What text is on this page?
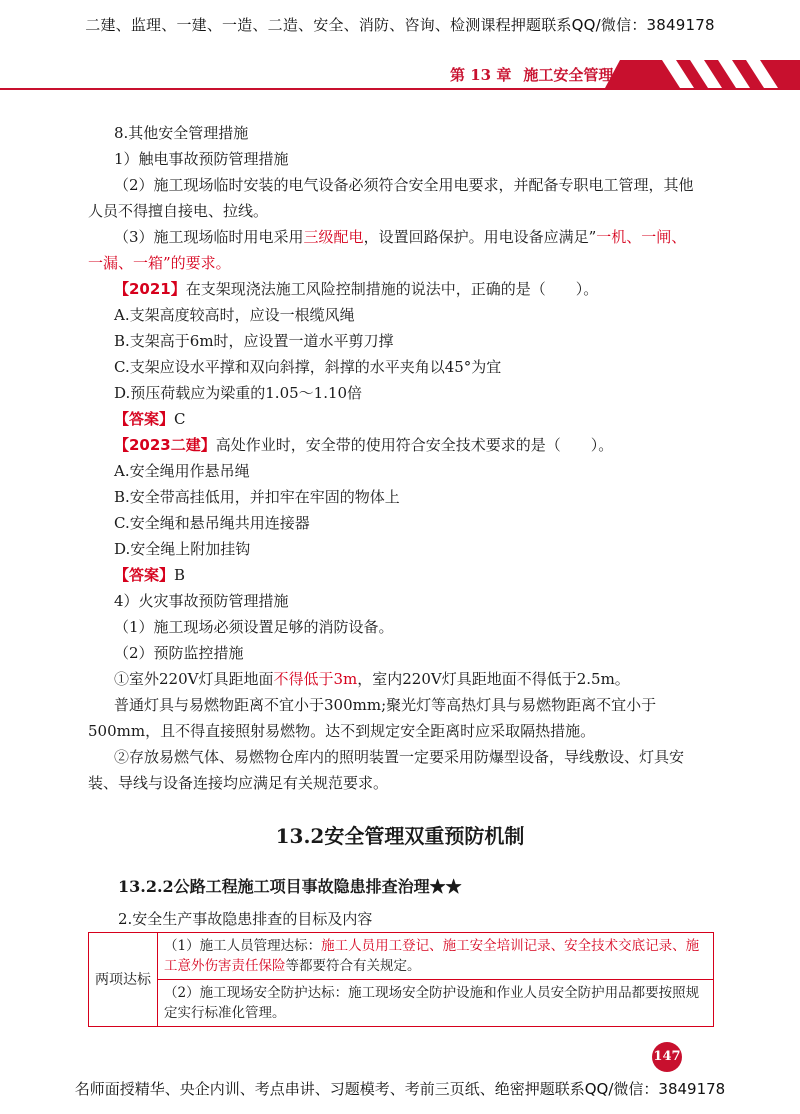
二建、监理、一建、一造、二造、安全、消防、咨询、检测课程押题联系QQ/微信：3849178
第 13 章 施工安全管理
8.其他安全管理措施
1）触电事故预防管理措施
（2）施工现场临时安装的电气设备必须符合安全用电要求，并配备专职电工管理，其他
人员不得擅自接电、拉线。
（3）施工现场临时用电采用三级配电，设置回路保护。用电设备应满足”一机、一闸、
一漏、一箱”的要求。
【2021】在支架现浇法施工风险控制措施的说法中，正确的是（　　）。
A.支架高度较高时，应设一根缆风绳
B.支架高于6m时，应设置一道水平剪刀撑
C.支架应设水平撑和双向斜撑，斜撑的水平夹角以45°为宜
D.预压荷载应为梁重的1.05～1.10倍
【答案】C
【2023二建】高处作业时，安全带的使用符合安全技术要求的是（　　）。
A.安全绳用作悬吊绳
B.安全带高挂低用，并扣牢在牢固的物体上
C.安全绳和悬吊绳共用连接器
D.安全绳上附加挂钩
【答案】B
4）火灾事故预防管理措施
（1）施工现场必须设置足够的消防设备。
（2）预防监控措施
①室外220V灯具距地面不得低于3m，室内220V灯具距地面不得低于2.5m。
普通灯具与易燃物距离不宜小于300mm;聚光灯等高热灯具与易燃物距离不宜小于
500mm，且不得直接照射易燃物。达不到规定安全距离时应采取隔热措施。
②存放易燃气体、易燃物仓库内的照明装置一定要采用防爆型设备，导线敷设、灯具安
装、导线与设备连接均应满足有关规范要求。
13.2安全管理双重预防机制
13.2.2公路工程施工项目事故隐患排查治理★★
2.安全生产事故隐患排查的目标及内容
两项达标	（1）施工人员管理达标：施工人员用工登记、施工安全培训记录、安全技术交底记录、施工意外伤害责任保险等都要符合有关规定。
（2）施工现场安全防护达标：施工现场安全防护设施和作业人员安全防护用品都要按照规定实行标准化管理。
147
名师面授精华、央企内训、考点串讲、习题模考、考前三页纸、绝密押题联系QQ/微信：3849178
